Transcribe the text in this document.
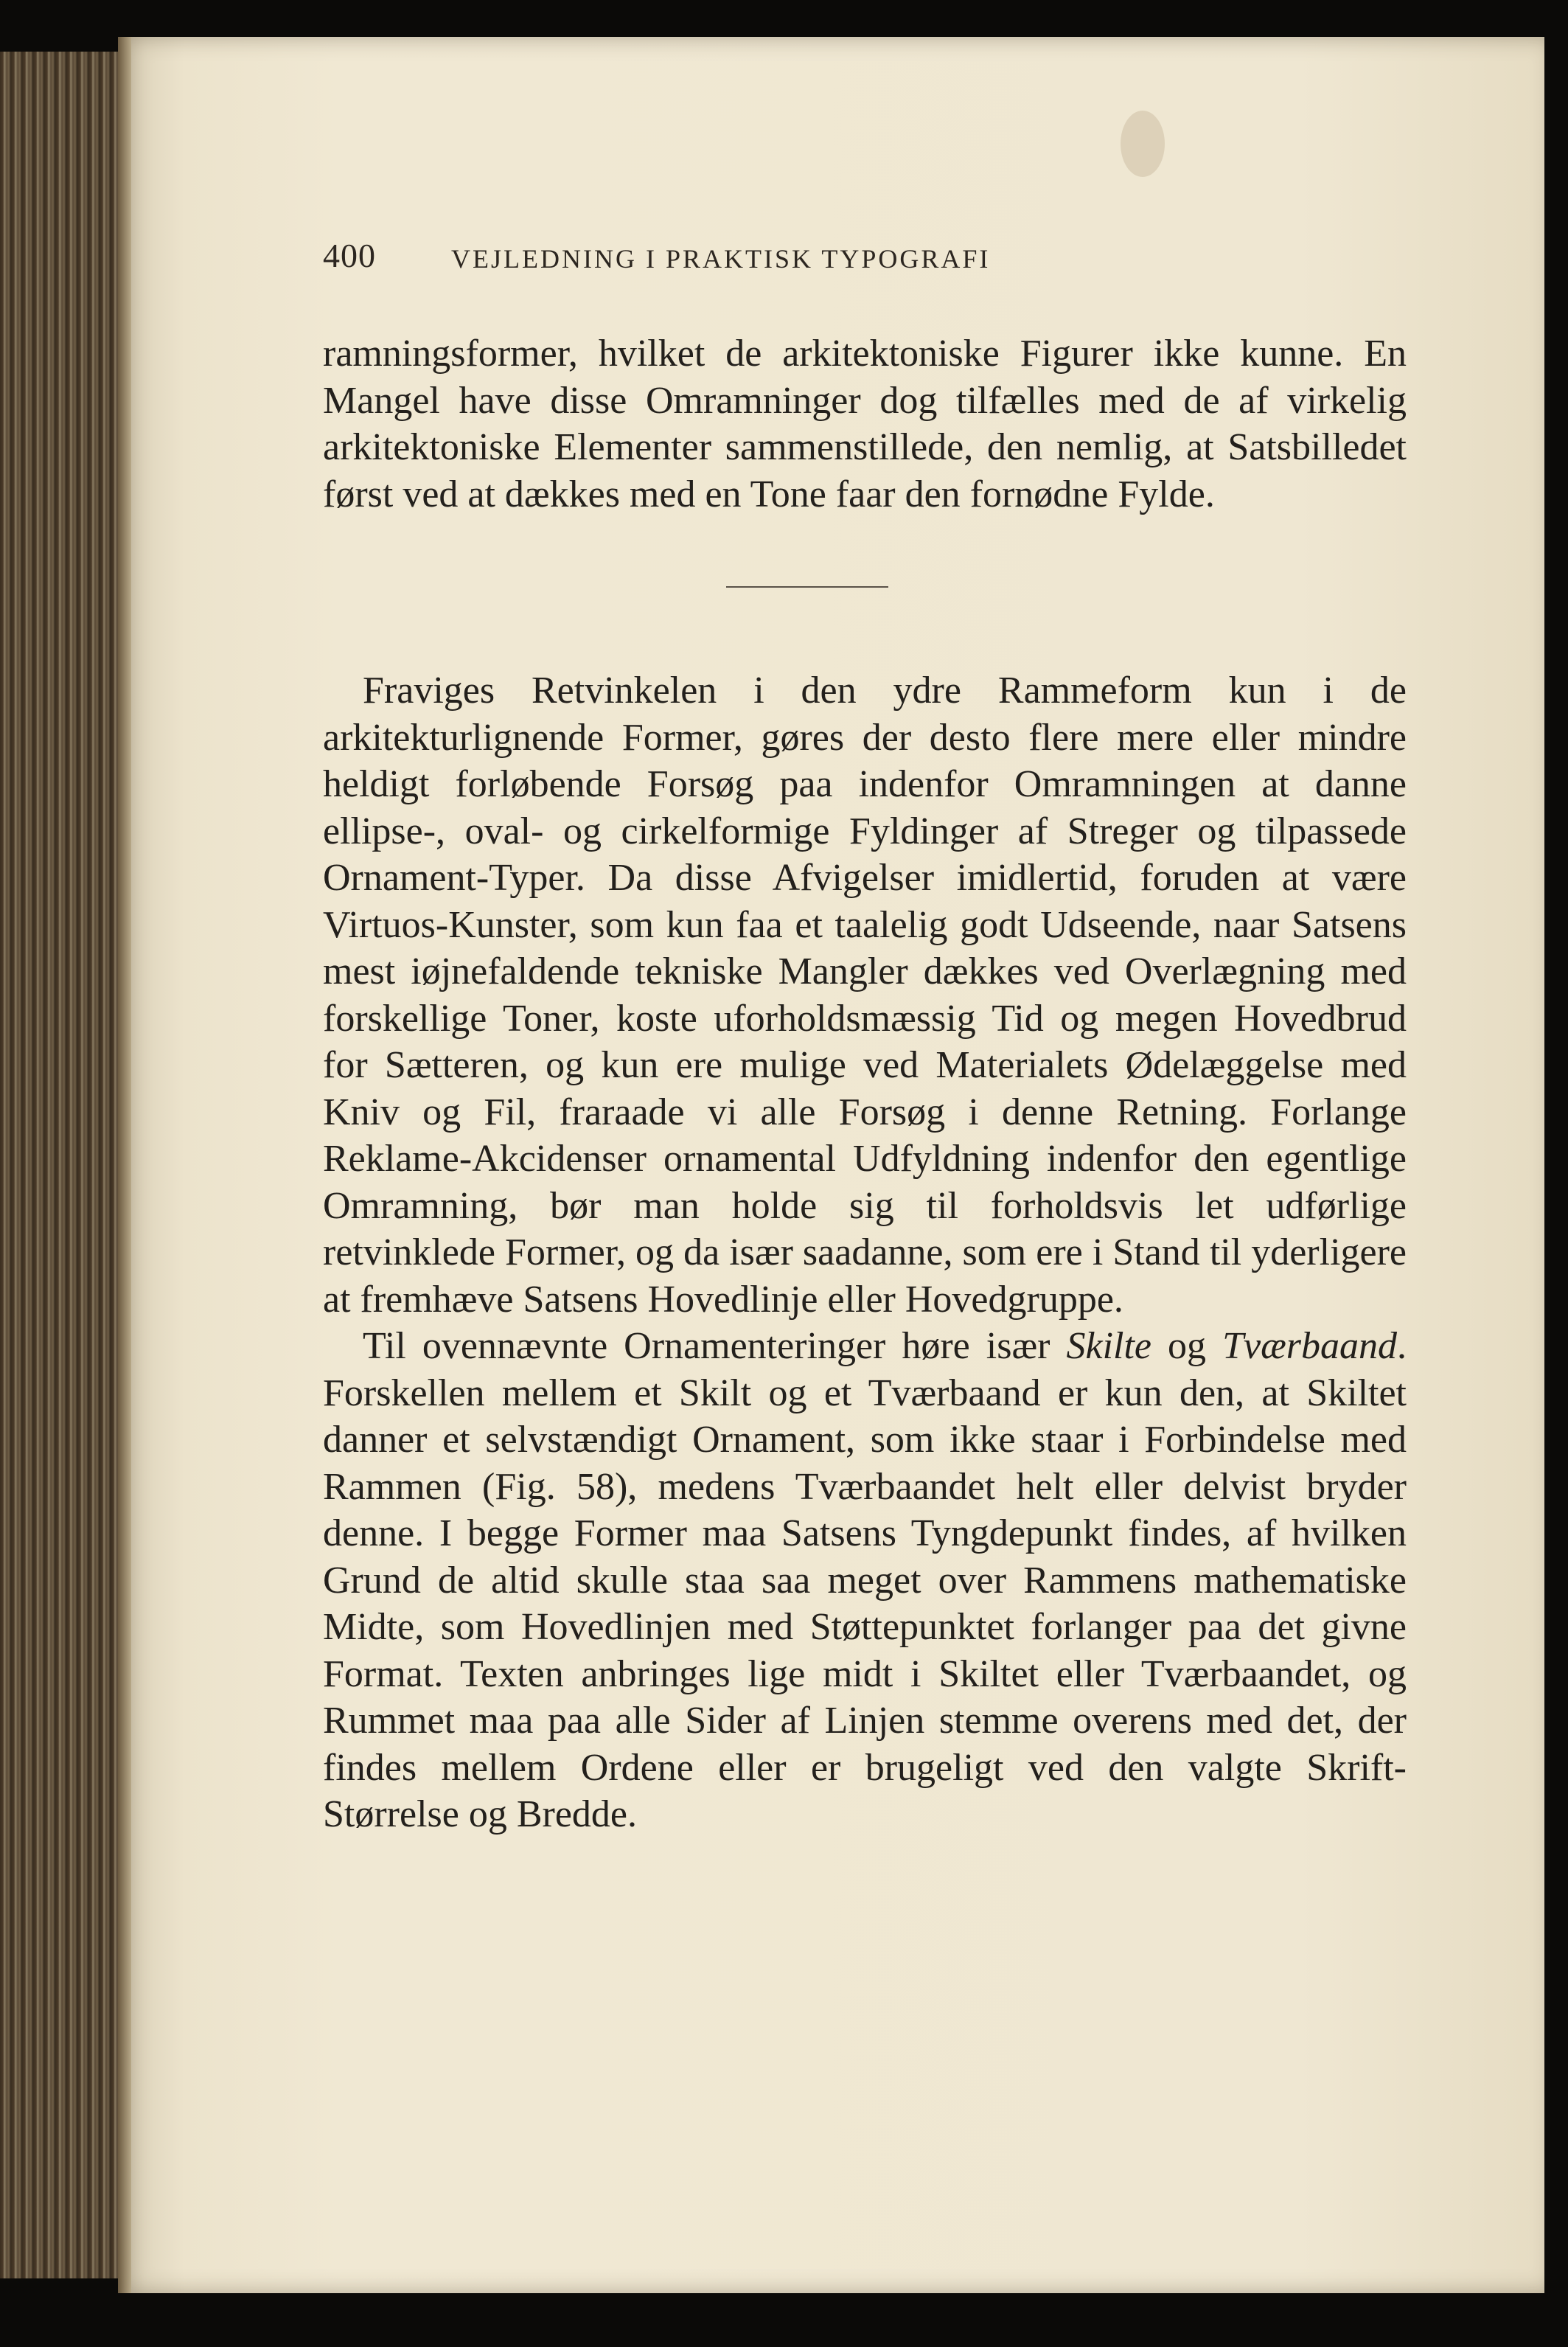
400	VEJLEDNING I PRAKTISK TYPOGRAFI

ramningsformer, hvilket de arkitektoniske Figurer ikke kunne. En Mangel have disse Omramninger dog tilfælles med de af virkelig arkitektoniske Elementer sammenstillede, den nemlig, at Satsbilledet først ved at dækkes med en Tone faar den fornødne Fylde.

Fraviges Retvinkelen i den ydre Rammeform kun i de arkitekturlignende Former, gøres der desto flere mere eller mindre heldigt forløbende Forsøg paa indenfor Omramningen at danne ellipse-, oval- og cirkelformige Fyldinger af Streger og tilpassede Ornament-Typer. Da disse Afvigelser imidlertid, foruden at være Virtuos-Kunster, som kun faa et taalelig godt Udseende, naar Satsens mest iøjnefaldende tekniske Mangler dækkes ved Overlægning med forskellige Toner, koste uforholdsmæssig Tid og megen Hovedbrud for Sætteren, og kun ere mulige ved Materialets Ødelæggelse med Kniv og Fil, fraraade vi alle Forsøg i denne Retning. Forlange Reklame-Akcidenser ornamental Udfyldning indenfor den egentlige Omramning, bør man holde sig til forholdsvis let udførlige retvinklede Former, og da især saadanne, som ere i Stand til yderligere at fremhæve Satsens Hovedlinje eller Hovedgruppe.

Til ovennævnte Ornamenteringer høre især Skilte og Tværbaand. Forskellen mellem et Skilt og et Tværbaand er kun den, at Skiltet danner et selvstændigt Ornament, som ikke staar i Forbindelse med Rammen (Fig. 58), medens Tværbaandet helt eller delvist bryder denne. I begge Former maa Satsens Tyngdepunkt findes, af hvilken Grund de altid skulle staa saa meget over Rammens mathematiske Midte, som Hovedlinjen med Støttepunktet forlanger paa det givne Format. Texten anbringes lige midt i Skiltet eller Tværbaandet, og Rummet maa paa alle Sider af Linjen stemme overens med det, der findes mellem Ordene eller er brugeligt ved den valgte Skrift-Størrelse og Bredde.
